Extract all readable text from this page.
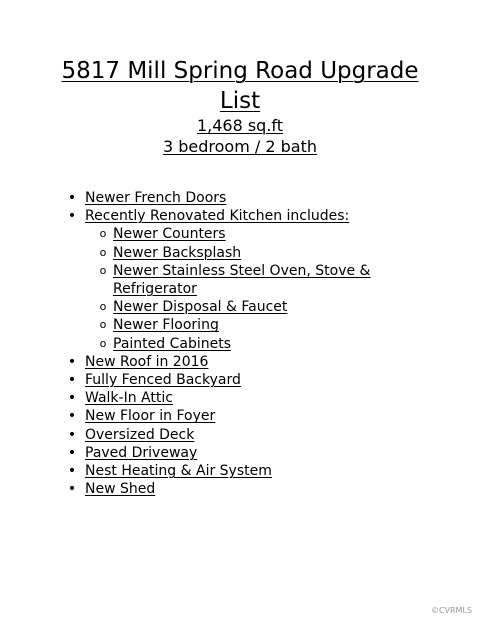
5817 Mill Spring Road Upgrade
List
1,468 sq.ft
3 bedroom / 2 bath
• Newer French Doors
• Recently Renovated Kitchen includes:
o Newer Counters
o Newer Backsplash
o Newer Stainless Steel Oven, Stove & Refrigerator
o Newer Disposal & Faucet
o Newer Flooring
o Painted Cabinets
• New Roof in 2016
• Fully Fenced Backyard
• Walk-In Attic
• New Floor in Foyer
• Oversized Deck
• Paved Driveway
• Nest Heating & Air System
• New Shed
©CVRMLS
